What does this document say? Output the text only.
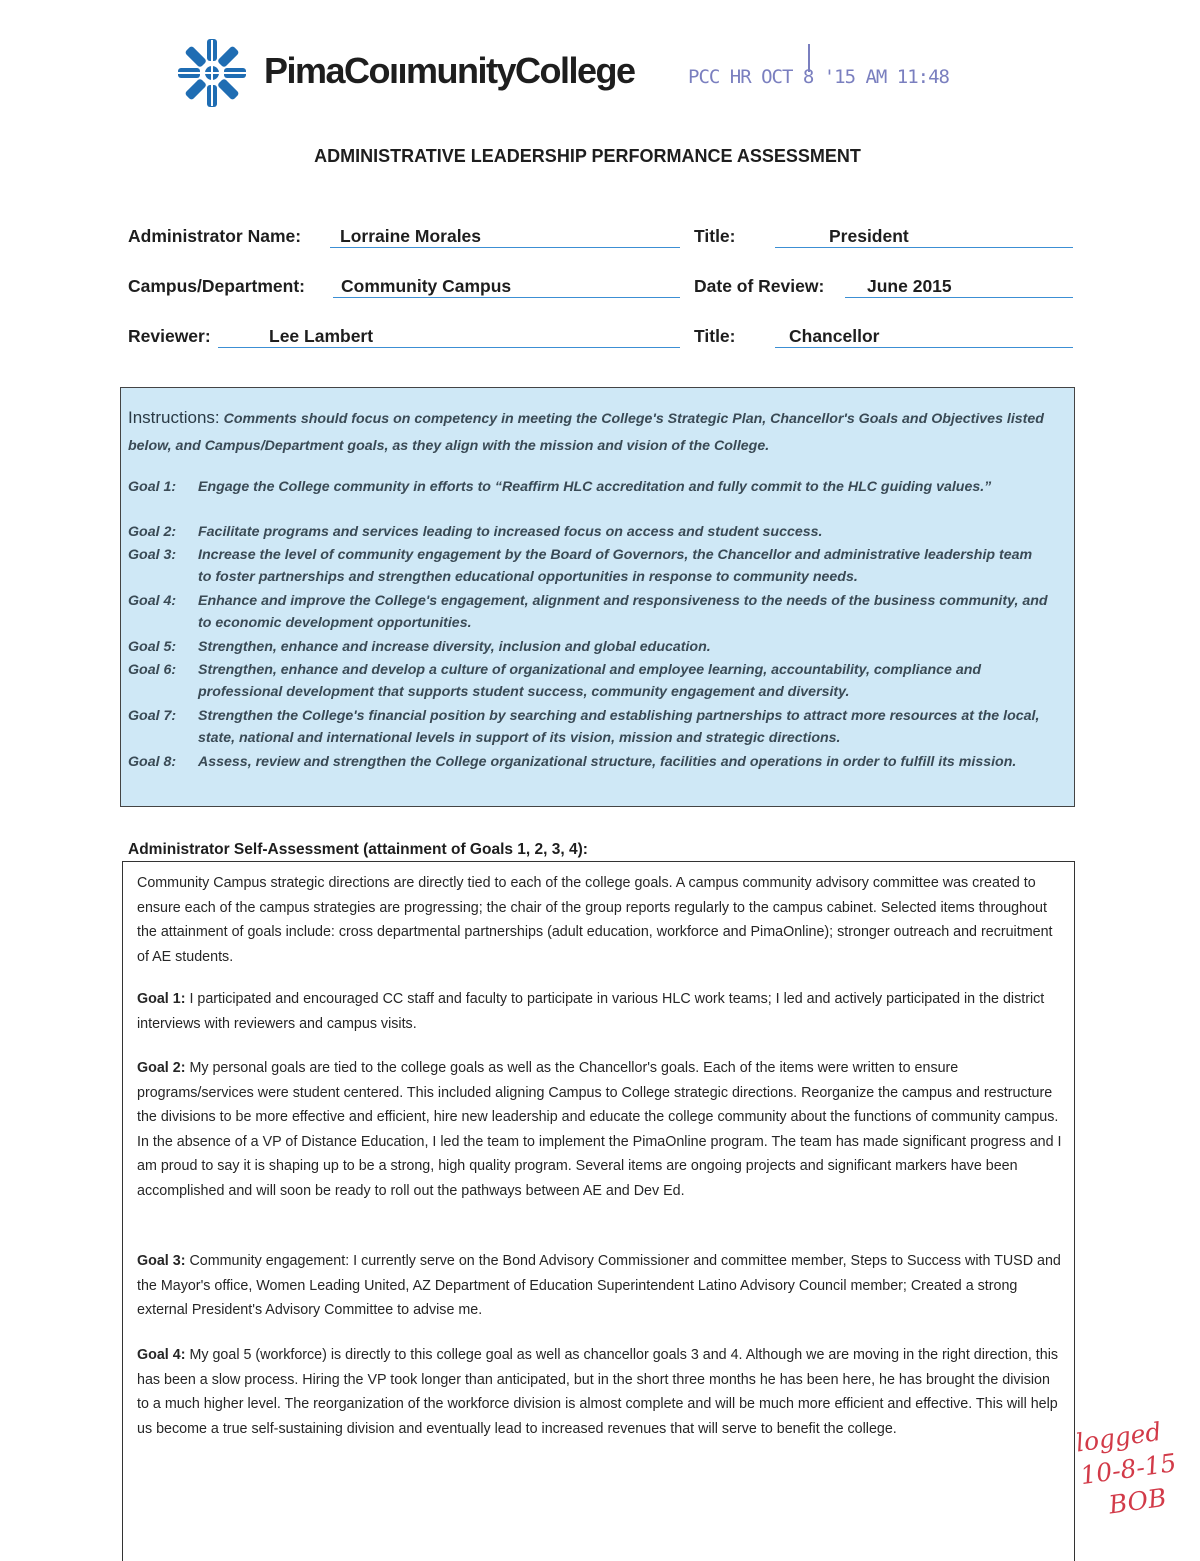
PimaCoıımunityCollege	PCC HR OCT 8 '15 AM 11:48
ADMINISTRATIVE LEADERSHIP PERFORMANCE ASSESSMENT
Administrator Name:	Lorraine Morales	Title:	President
Campus/Department:	Community Campus	Date of Review:	June 2015
Reviewer:	Lee Lambert	Title:	Chancellor
Instructions: Comments should focus on competency in meeting the College's Strategic Plan, Chancellor's Goals and Objectives listed below, and Campus/Department goals, as they align with the mission and vision of the College.
Goal 1:	Engage the College community in efforts to “Reaffirm HLC accreditation and fully commit to the HLC guiding values.”
Goal 2:	Facilitate programs and services leading to increased focus on access and student success.
Goal 3:	Increase the level of community engagement by the Board of Governors, the Chancellor and administrative leadership team to foster partnerships and strengthen educational opportunities in response to community needs.
Goal 4:	Enhance and improve the College's engagement, alignment and responsiveness to the needs of the business community, and to economic development opportunities.
Goal 5:	Strengthen, enhance and increase diversity, inclusion and global education.
Goal 6:	Strengthen, enhance and develop a culture of organizational and employee learning, accountability, compliance and professional development that supports student success, community engagement and diversity.
Goal 7:	Strengthen the College's financial position by searching and establishing partnerships to attract more resources at the local, state, national and international levels in support of its vision, mission and strategic directions.
Goal 8:	Assess, review and strengthen the College organizational structure, facilities and operations in order to fulfill its mission.
Administrator Self-Assessment (attainment of Goals 1, 2, 3, 4):
Community Campus strategic directions are directly tied to each of the college goals. A campus community advisory committee was created to ensure each of the campus strategies are progressing; the chair of the group reports regularly to the campus cabinet. Selected items throughout the attainment of goals include: cross departmental partnerships (adult education, workforce and PimaOnline); stronger outreach and recruitment of AE students.
Goal 1: I participated and encouraged CC staff and faculty to participate in various HLC work teams; I led and actively participated in the district interviews with reviewers and campus visits.
Goal 2: My personal goals are tied to the college goals as well as the Chancellor's goals. Each of the items were written to ensure programs/services were student centered. This included aligning Campus to College strategic directions. Reorganize the campus and restructure the divisions to be more effective and efficient, hire new leadership and educate the college community about the functions of community campus. In the absence of a VP of Distance Education, I led the team to implement the PimaOnline program. The team has made significant progress and I am proud to say it is shaping up to be a strong, high quality program. Several items are ongoing projects and significant markers have been accomplished and will soon be ready to roll out the pathways between AE and Dev Ed.
Goal 3: Community engagement: I currently serve on the Bond Advisory Commissioner and committee member, Steps to Success with TUSD and the Mayor's office, Women Leading United, AZ Department of Education Superintendent Latino Advisory Council member; Created a strong external President's Advisory Committee to advise me.
Goal 4: My goal 5 (workforce) is directly to this college goal as well as chancellor goals 3 and 4. Although we are moving in the right direction, this has been a slow process. Hiring the VP took longer than anticipated, but in the short three months he has been here, he has brought the division to a much higher level. The reorganization of the workforce division is almost complete and will be much more efficient and effective. This will help us become a true self-sustaining division and eventually lead to increased revenues that will serve to benefit the college.	logged
10-8-15
BOB
